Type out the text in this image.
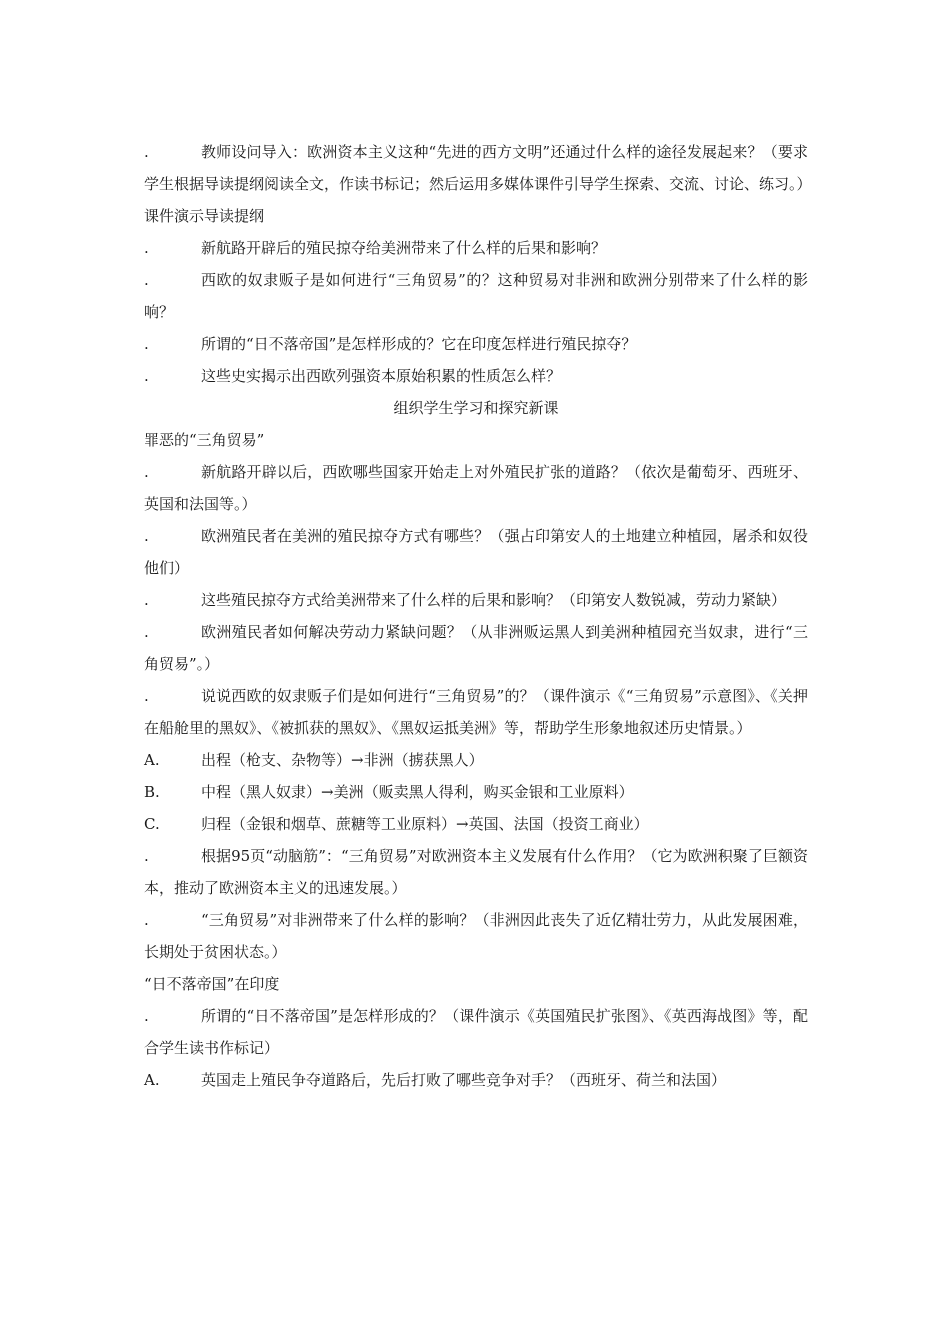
.	教师设问导入：欧洲资本主义这种“先进的西方文明”还通过什么样的途径发展起来？（要求学生根据导读提纲阅读全文，作读书标记；然后运用多媒体课件引导学生探索、交流、讨论、练习。）
课件演示导读提纲
.	新航路开辟后的殖民掠夺给美洲带来了什么样的后果和影响？
.	西欧的奴隶贩子是如何进行“三角贸易”的？这种贸易对非洲和欧洲分别带来了什么样的影响？
.	所谓的“日不落帝国”是怎样形成的？它在印度怎样进行殖民掠夺？
.	这些史实揭示出西欧列强资本原始积累的性质怎么样？
组织学生学习和探究新课
罪恶的“三角贸易”
.	新航路开辟以后，西欧哪些国家开始走上对外殖民扩张的道路？（依次是葡萄牙、西班牙、英国和法国等。）
.	欧洲殖民者在美洲的殖民掠夺方式有哪些？（强占印第安人的土地建立种植园，屠杀和奴役他们）
.	这些殖民掠夺方式给美洲带来了什么样的后果和影响？（印第安人数锐减，劳动力紧缺）
.	欧洲殖民者如何解决劳动力紧缺问题？（从非洲贩运黑人到美洲种植园充当奴隶，进行“三角贸易”。）
.	说说西欧的奴隶贩子们是如何进行“三角贸易”的？（课件演示《“三角贸易”示意图》、《关押在船舱里的黑奴》、《被抓获的黑奴》、《黑奴运抵美洲》等，帮助学生形象地叙述历史情景。）
A.	出程（枪支、杂物等）→非洲（掳获黑人）
B.	中程（黑人奴隶）→美洲（贩卖黑人得利，购买金银和工业原料）
C.	归程（金银和烟草、蔗糖等工业原料）→英国、法国（投资工商业）
.	根据95页“动脑筋”：“三角贸易”对欧洲资本主义发展有什么作用？（它为欧洲积聚了巨额资本，推动了欧洲资本主义的迅速发展。）
.	“三角贸易”对非洲带来了什么样的影响？（非洲因此丧失了近亿精壮劳力，从此发展困难，长期处于贫困状态。）
“日不落帝国”在印度
.	所谓的“日不落帝国”是怎样形成的？（课件演示《英国殖民扩张图》、《英西海战图》等，配合学生读书作标记）
A.	英国走上殖民争夺道路后，先后打败了哪些竞争对手？（西班牙、荷兰和法国）
